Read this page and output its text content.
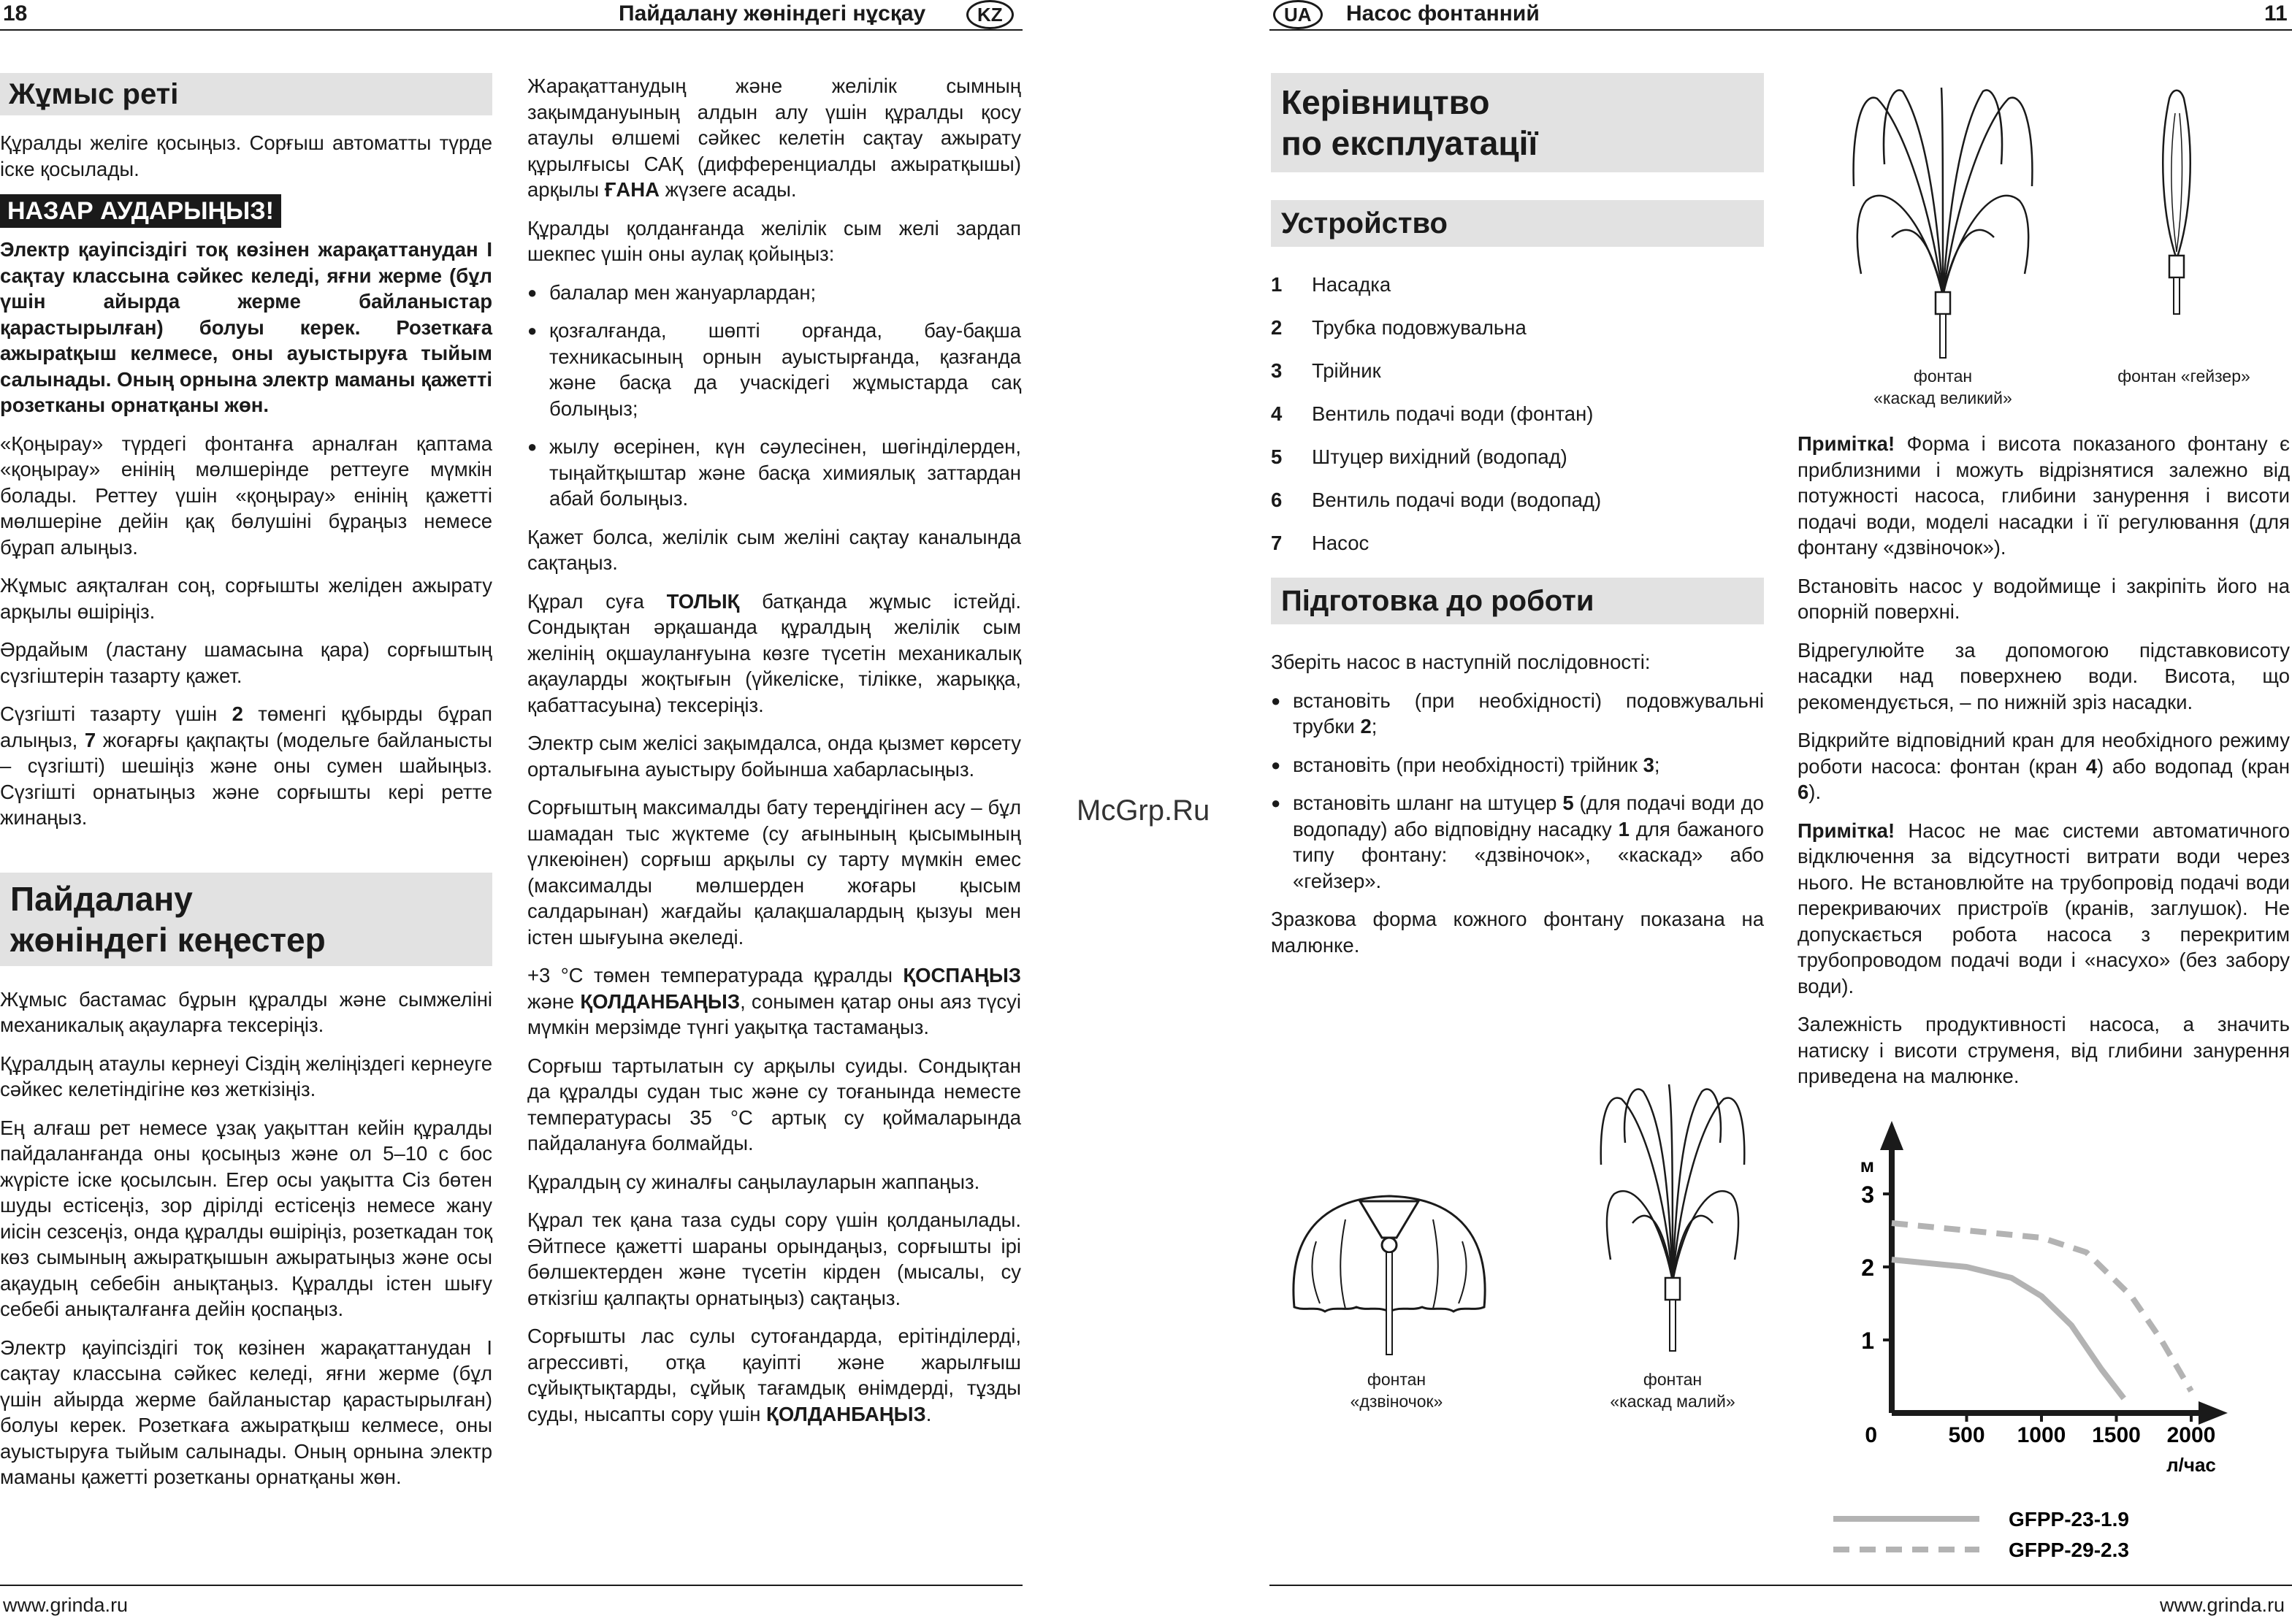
18	Пайдалану жөніндегі нұсқау	KZ
Жұмыс реті

Құралды желіге қосыңыз. Сорғыш автоматты түрде іске қосылады.

НАЗАР АУДАРЫҢЫЗ!

Электр қауіпсіздігі тоқ көзінен жарақаттанудан І сақтау классына сәйкес келеді, яғни жерме (бұл үшін айырда жерме байланыстар қарастырылған) болуы керек. Розеткаға ажырatқыш келмесе, оны ауыстыруға тыйым салынады. Оның орнына электр маманы қажетті розетканы орнатқаны жөн.

«Қоңырау» түрдегі фонтанға арналған қаптама «қоңырау» енінің мөлшерінде реттеугe мүмкін болады. Реттеу үшін «қоңырау» енінің қажетті мөлшеріне дейін қақ бөлушіні бұраңыз немесе бұрап алыңыз.

Жұмыс аяқталған соң, сорғышты желіден ажырату арқылы өшіріңіз.

Әрдайым (ластану шамасына қара) сорғыштың сүзгіштерін тазарту қажет.

Сүзгішті тазарту үшін 2 төменгі құбырды бұрап алыңыз, 7 жоғарғы қақпақты (модельге байланысты – сүзгішті) шешіңіз және оны сумен шайыңыз. Сүзгішті орнатыңыз және сорғышты кері ретте жинаңыз.

Пайдалану
жөніндегі кеңестер

Жұмыс бастамас бұрын құралды және сымжелiнi механикалық ақауларға тексеріңіз.

Құралдың атаулы кернеуі Сіздің желіңіздегі кернеуге сәйкес келетіндігіне көз жеткізіңіз.

Ең алғаш рет немесе ұзақ уақыттан кейін құралды пайдаланғанда оны қосыңыз және ол 5–10 с бос жүрісте іске қосылсын. Егер осы уақытта Сіз бөтен шуды естісеңіз, зор дірілді естісеңіз немесе жану иісін сезсеңіз, онда құралды өшіріңіз, розеткадан тоқ көз сымының ажыратқышын ажыратыңыз және осы ақаудың себебін анықтаңыз. Құралды істен шығу себебі анықталғанға дейін қоспаңыз.

Электр қауіпсіздігі тоқ көзінен жарақаттанудан І сақтау классына сәйкес келеді, яғни жерме (бұл үшін айырда жерме байланыстар қарастырылған) болуы керек. Розеткаға ажыратқыш келмесе, оны ауыстыруға тыйым салынады. Оның орнына электр маманы қажетті розетканы орнатқаны жөн.

Жарақаттанудың және желілік сымның зақымдануының алдын алу үшін құралды қосу атаулы өлшемі сәйкес келетін сақтау ажырату құрылғысы САҚ (дифференциалды ажыратқышы) арқылы ҒАНА жүзеге асады.

Құралды қолданғанда желілік сым желі зардап шекпес үшін оны аулақ қойыңыз:

● балалар мен жануарлардан;
● қозғалғанда, шөпті орғанда, бау-бақша техникасының орнын ауыстырғанда, қазғанда және басқа да учаскідегі жұмыстарда сақ болыңыз;
● жылу өсерінен, күн сәулесінен, шөгінділерден, тыңайтқыштар және басқа химиялық заттардан абай болыңыз.

Қажет болса, желілік сым желіні сақтау каналында сақтаңыз.

Құрал суға ТОЛЫҚ батқанда жұмыс істейді. Сондықтан әрқашанда құралдың желілік сым желінің оқшауланғуына көзге түсетін механикалық ақауларды жоқтығын (үйкеліске, тілікке, жарыққа, қабаттасуына) тексеріңіз.

Электр сым желісі зақымдалса, онда қызмет көрсету орталығына ауыстыру бойынша хабарласыңыз.

Сорғыштың максималды бату тереңдігінен асу – бұл шамадан тыс жүктеме (су ағынының қысымының үлкеюінен) сорғыш арқылы су тарту мүмкін емес (максималды мөлшерден жоғары қысым салдарынан) жағдайы қалақшалардың қызуы мен істен шығуына әкеледі.

+3 °С төмен температурада құралды ҚОСПАҢЫЗ және ҚОЛДАНБАҢЫЗ, сонымен қатар оны аяз түсуі мүмкін мерзімде түнгі уақытқа тастамаңыз.

Сорғыш тартылатын су арқылы суиды. Сондықтан да құралды судан тыс және су тоғанында неместе температурасы 35 °С артық су қоймаларында пайдалануға болмайды.

Құралдың су жиналғы саңылауларын жаппаңыз.

Құрал тек қана таза суды сору үшін қолданылады. Әйтпесе қажетті шараны орындаңыз, сорғышты ірі бөлшектерден және түсетін кірден (мысалы, су өткізгіш қалпақты орнатыңыз) сақтаңыз.

Сорғышты лас сулы сутоғандарда, ерітінділерді, агрессивті, отқа қауіпті және жарылғыш сұйықтықтарды, сұйық тағамдық өнімдерді, тұзды суды, нысапты сору үшін ҚОЛДАНБАҢЫЗ.

www.grinda.ru
McGrp.Ru
UA	Насос фонтанний	11
Керівництво
по експлуатації
Устройство
1	Насадка
2	Трубка подовжувальна
3	Трійник
4	Вентиль подачі води (фонтан)
5	Штуцер вихідний (водопад)
6	Вентиль подачі води (водопад)
7	Насос
Підготовка до роботи

Зберіть насос в наступній послідовності:

● встановіть (при необхідності) подовжувальні трубки 2;
● встановіть (при необхідності) трійник 3;
● встановіть шланг на штуцер 5 (для подачі води до водопаду) або відповідну насадку 1 для бажаного типу фонтану: «дзвіночок», «каскад» або «гейзер».

Зразкова форма кожного фонтану показана на малюнке.

фонтан
«дзвіночок»
фонтан
«каскад малий»
фонтан
«каскад великий»
фонтан «гейзер»

Примітка! Форма і висота показаного фонтану є приблизними і можуть відрізнятися залежно від потужності насоса, глибини занурення і висоти подачі води, моделі насадки і її регулювання (для фонтану «дзвіночок»).

Встановіть насос у водоймище і закріпіть його на опорній поверхні.

Відрегулюйте за допомогою підставковисоту насадки над поверхнею води. Висота, що рекомендується, – по нижній зріз насадки.

Відкрийте відповідний кран для необхідного режиму роботи насоса: фонтан (кран 4) або водопад (кран 6).

Примітка! Насос не має системи автоматичного відключення за відсутності витрати води через нього. Не встановлюйте на трубопровід подачі води перекриваючих пристроїв (кранів, заглушок). Не допускається робота насоса з перекритим трубопроводом подачі води і «насухо» (без забору води).

Залежність продуктивності насоса, а значить натиску і висоти струменя, від глибини занурення приведена на малюнке.

1
2
3
м
0	500 1000 1500 2000
л/час
GFPP-23-1.9
GFPP-29-2.3
www.grinda.ru
